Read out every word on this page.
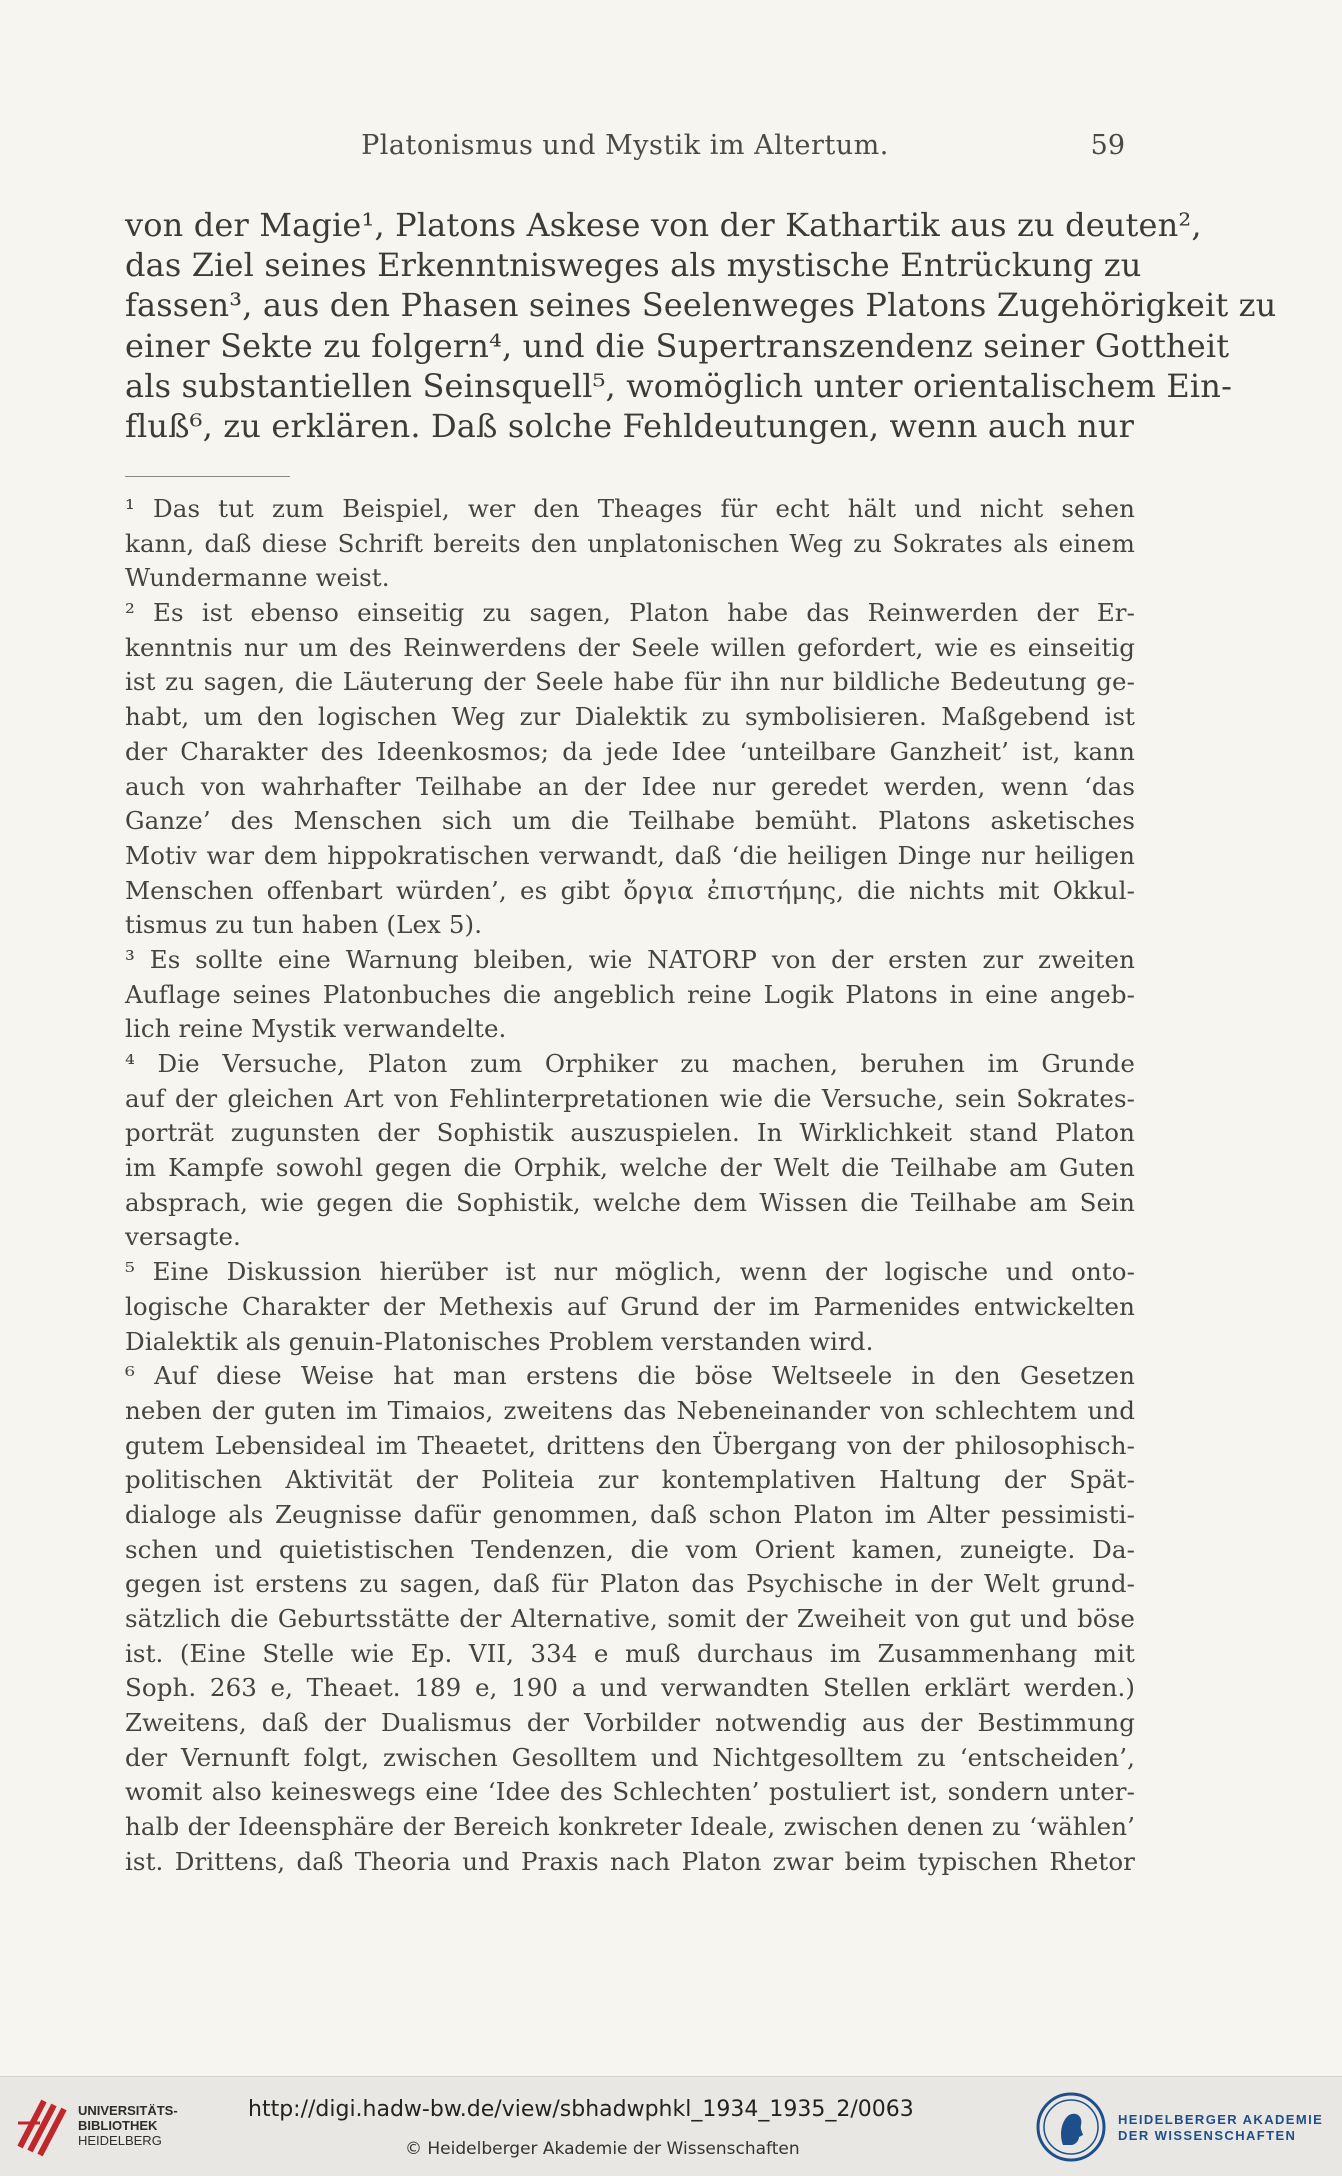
Platonismus und Mystik im Altertum.	59
von der Magie¹, Platons Askese von der Kathartik aus zu deuten²,
das Ziel seines Erkenntnisweges als mystische Entrückung zu
fassen³, aus den Phasen seines Seelenweges Platons Zugehörigkeit zu
einer Sekte zu folgern⁴, und die Supertranszendenz seiner Gottheit
als substantiellen Seinsquell⁵, womöglich unter orientalischem Ein-
fluß⁶, zu erklären. Daß solche Fehldeutungen, wenn auch nur
¹ Das tut zum Beispiel, wer den Theages für echt hält und nicht sehen
kann, daß diese Schrift bereits den unplatonischen Weg zu Sokrates als einem
Wundermanne weist.
² Es ist ebenso einseitig zu sagen, Platon habe das Reinwerden der Er-
kenntnis nur um des Reinwerdens der Seele willen gefordert, wie es einseitig
ist zu sagen, die Läuterung der Seele habe für ihn nur bildliche Bedeutung ge-
habt, um den logischen Weg zur Dialektik zu symbolisieren. Maßgebend ist
der Charakter des Ideenkosmos; da jede Idee ‘unteilbare Ganzheit’ ist, kann
auch von wahrhafter Teilhabe an der Idee nur geredet werden, wenn ‘das
Ganze’ des Menschen sich um die Teilhabe bemüht. Platons asketisches
Motiv war dem hippokratischen verwandt, daß ‘die heiligen Dinge nur heiligen
Menschen offenbart würden’, es gibt ὄργια ἐπιστήμης, die nichts mit Okkul-
tismus zu tun haben (Lex 5).
³ Es sollte eine Warnung bleiben, wie NATORP von der ersten zur zweiten
Auflage seines Platonbuches die angeblich reine Logik Platons in eine angeb-
lich reine Mystik verwandelte.
⁴ Die Versuche, Platon zum Orphiker zu machen, beruhen im Grunde
auf der gleichen Art von Fehlinterpretationen wie die Versuche, sein Sokrates-
porträt zugunsten der Sophistik auszuspielen. In Wirklichkeit stand Platon
im Kampfe sowohl gegen die Orphik, welche der Welt die Teilhabe am Guten
absprach, wie gegen die Sophistik, welche dem Wissen die Teilhabe am Sein
versagte.
⁵ Eine Diskussion hierüber ist nur möglich, wenn der logische und onto-
logische Charakter der Methexis auf Grund der im Parmenides entwickelten
Dialektik als genuin-Platonisches Problem verstanden wird.
⁶ Auf diese Weise hat man erstens die böse Weltseele in den Gesetzen
neben der guten im Timaios, zweitens das Nebeneinander von schlechtem und
gutem Lebensideal im Theaetet, drittens den Übergang von der philosophisch-
politischen Aktivität der Politeia zur kontemplativen Haltung der Spät-
dialoge als Zeugnisse dafür genommen, daß schon Platon im Alter pessimisti-
schen und quietistischen Tendenzen, die vom Orient kamen, zuneigte. Da-
gegen ist erstens zu sagen, daß für Platon das Psychische in der Welt grund-
sätzlich die Geburtsstätte der Alternative, somit der Zweiheit von gut und böse
ist. (Eine Stelle wie Ep. VII, 334 e muß durchaus im Zusammenhang mit
Soph. 263 e, Theaet. 189 e, 190 a und verwandten Stellen erklärt werden.)
Zweitens, daß der Dualismus der Vorbilder notwendig aus der Bestimmung
der Vernunft folgt, zwischen Gesolltem und Nichtgesolltem zu ‘entscheiden’,
womit also keineswegs eine ‘Idee des Schlechten’ postuliert ist, sondern unter-
halb der Ideensphäre der Bereich konkreter Ideale, zwischen denen zu ‘wählen’
ist. Drittens, daß Theoria und Praxis nach Platon zwar beim typischen Rhetor
UNIVERSITÄTS-
BIBLIOTHEK
HEIDELBERG
http://digi.hadw-bw.de/view/sbhadwphkl_1934_1935_2/0063
© Heidelberger Akademie der Wissenschaften
HEIDELBERGER AKADEMIE
DER WISSENSCHAFTEN
